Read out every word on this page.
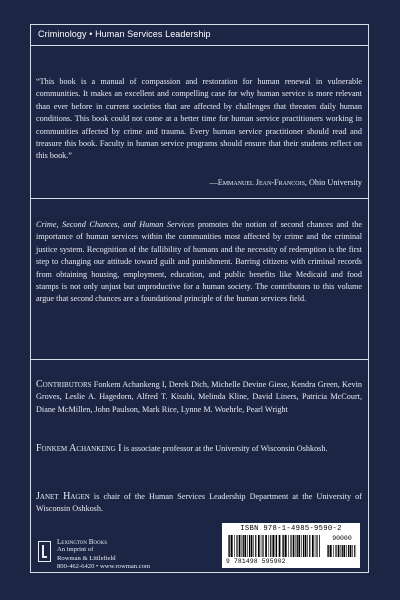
Criminology • Human Services Leadership
“This book is a manual of compassion and restoration for human renewal in vulnerable communities. It makes an excellent and compelling case for why human service is more relevant than ever before in current societies that are affected by challenges that threaten daily human conditions. This book could not come at a better time for human service practitioners working in communities affected by crime and trauma. Every human service practitioner should read and treasure this book. Faculty in human service programs should ensure that their students reflect on this book.”
—Emmanuel Jean-Francois, Ohio University
Crime, Second Chances, and Human Services promotes the notion of second chances and the importance of human services within the communities most affected by crime and the criminal justice system. Recognition of the fallibility of humans and the necessity of redemption is the first step to changing our attitude toward guilt and punishment. Barring citizens with criminal records from obtaining housing, employment, education, and public benefits like Medicaid and food stamps is not only unjust but unproductive for a human society. The contributors to this volume argue that second chances are a foundational principle of the human services field.
Contributors Fonkem Achankeng I, Derek Dich, Michelle Devine Giese, Kendra Green, Kevin Groves, Leslie A. Hagedorn, Alfred T. Kisubi, Melinda Kline, David Liners, Patricia McCourt, Diane McMillen, John Paulson, Mark Rice, Lynne M. Woehrle, Pearl Wright
Fonkem Achankeng I is associate professor at the University of Wisconsin Oshkosh.
Janet Hagen is chair of the Human Services Leadership Department at the University of Wisconsin Oshkosh.
Lexington Books
An imprint of
Rowman & Littlefield
800-462-6420 • www.rowman.com
ISBN 978-1-4985-9590-2
90000
9 781498 595902
